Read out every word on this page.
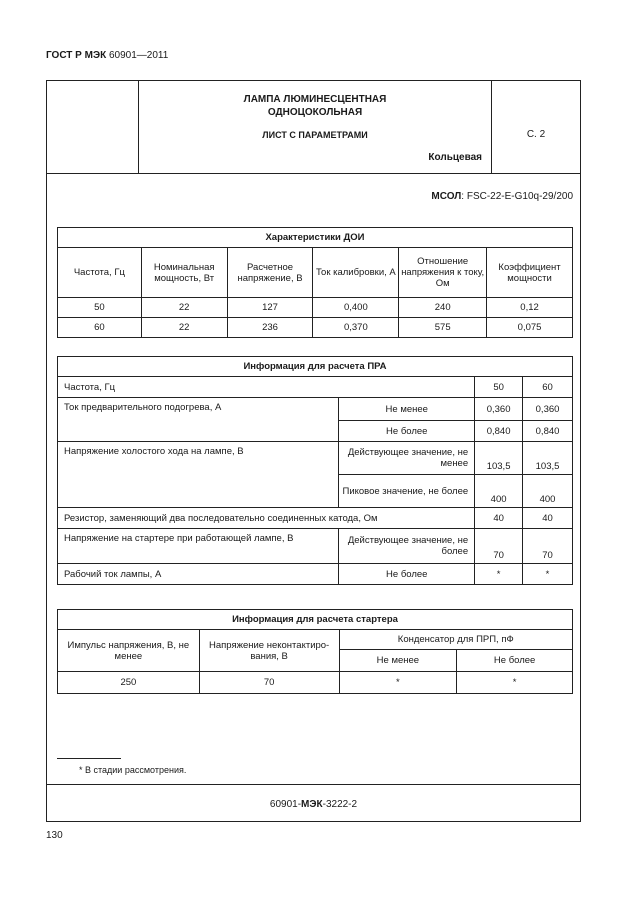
ГОСТ Р МЭК 60901—2011
ЛАМПА ЛЮМИНЕСЦЕНТНАЯ
ОДНОЦОКОЛЬНАЯ
ЛИСТ С ПАРАМЕТРАМИ
Кольцевая
С. 2
МСОЛ: FSC-22-E-G10q-29/200
Характеристики ДОИ					
Частота, Гц	Номинальная мощность, Вт	Расчетное напряжение, В	Ток калибровки, А	Отношение напряжения к току, Ом	Коэффициент мощности
50	22	127	0,400	240	0,12
60	22	236	0,370	575	0,075
Информация для расчета ПРА			
Частота, Гц		50	60
Ток предварительного подогрева, А	Не менее	0,360	0,360
	Не более	0,840	0,840
Напряжение холостого хода на лампе, В	Действующее значение, не менее	103,5	103,5
	Пиковое значение, не более	400	400
Резистор, заменяющий два последовательно соединенных катода, Ом		40	40
Напряжение на стартере при работающей лампе, В	Действующее значение, не более	70	70
Рабочий ток лампы, А	Не более	*	*
Информация для расчета стартера			
Импульс напряжения, В, не менее	Напряжение неконтактиро-вания, В	Конденсатор для ПРП, пФ	
		Не менее	Не более
250	70	*	*
* В стадии рассмотрения.
60901-МЭК-3222-2
130
